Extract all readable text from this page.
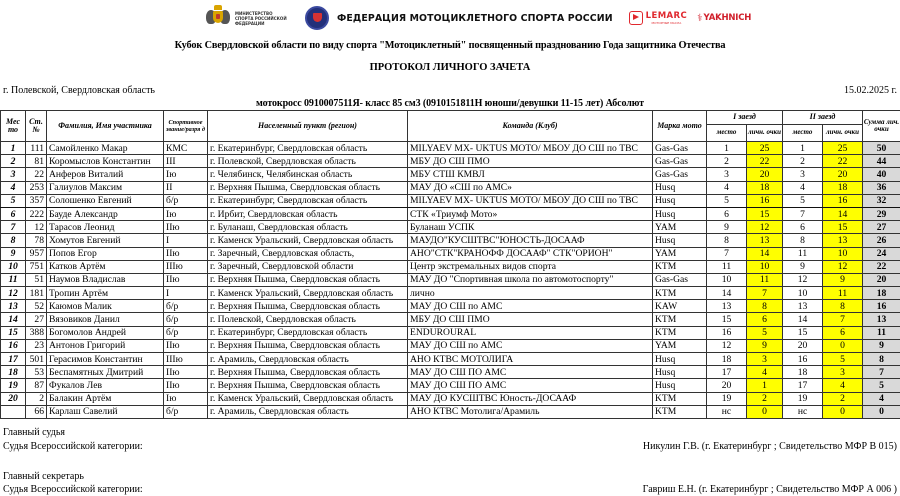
МИНИСТЕРСТВО СПОРТА РОССИЙСКОЙ ФЕДЕРАЦИИ	ФЕДЕРАЦИЯ МОТОЦИКЛЕТНОГО СПОРТА РОССИИ	LEMARC
МОТОРНЫЕ МАСЛА ⚕ YAKHNICH
Кубок Свердловской области по виду спорта "Мотоциклетный" посвященный празднованию Года защитника Отечества
ПРОТОКОЛ ЛИЧНОГО ЗАЧЕТА
г. Полевской, Свердловская область	15.02.2025 г.
мотокросс 0910007511Я- класс 85 см3 (0910151811Н юноши/девушки 11-15 лет) Абсолют
Мес то	Ст. №	Фамилия, Имя участника	Спортивное звание/разря д	Населенный пункт (регион)	Команда (Клуб)	Марка мото	I заезд		II заезд		Сумма лич. очки
							место	личн. очки	место	личн. очки	
1	111	Самойленко Макар	КМС	г. Екатеринбург, Свердловская область	MILYAEV MX- UKTUS MOTO/ МБОУ ДО СШ по ТВС	Gas-Gas	1	25	1	25	50
2	81	Коромыслов Константин	III	г. Полевской, Свердловская область	МБУ ДО СШ ПМО	Gas-Gas	2	22	2	22	44
3	22	Анферов Виталий	Iю	г. Челябинск, Челябинская область	МБУ СТШ КМВЛ	Gas-Gas	3	20	3	20	40
4	253	Галиулов Максим	II	г. Верхняя Пышма, Свердловская область	МАУ ДО «СШ по АМС»	Husq	4	18	4	18	36
5	357	Солошенко Евгений	б/р	г. Екатеринбург, Свердловская область	MILYAEV MX- UKTUS MOTO/ МБОУ ДО СШ по ТВС	Husq	5	16	5	16	32
6	222	Бауде Александр	Iю	г. Ирбит, Свердловская область	СТК «Триумф Мото»	Husq	6	15	7	14	29
7	12	Тарасов Леонид	IIю	г. Буланаш, Свердловская область	Буланаш УСПК	YAM	9	12	6	15	27
8	78	Хомутов Евгений	I	г. Каменск Уральский, Свердловская область	МАУДО"КУСШТВС"ЮНОСТЬ-ДОСААФ	Husq	8	13	8	13	26
9	957	Попов Егор	IIю	г. Заречный, Свердловская область,	АНО"СТК"КРАНОФФ ДОСААФ" СТК"ОРИОН"	YAM	7	14	11	10	24
10	751	Катков Артём	IIIю	г. Заречный, Свердловской области	Центр экстремальных видов спорта	KTM	11	10	9	12	22
11	51	Наумов Владислав	IIю	г. Верхняя Пышма, Свердловская область	МАУ ДО "Спортивная школа по автомотоспорту"	Gas-Gas	10	11	12	9	20
12	181	Тропин Артём	I	г. Каменск Уральский, Свердловская область	лично	KTM	14	7	10	11	18
13	52	Каюмов Малик	б/р	г. Верхняя Пышма, Свердловская область	МАУ ДО СШ по АМС	KAW	13	8	13	8	16
14	27	Вязовиков Данил	б/р	г. Полевской, Свердловская область	МБУ ДО СШ ПМО	KTM	15	6	14	7	13
15	388	Богомолов Андрей	б/р	г. Екатеринбург, Свердловская область	ENDUROURAL	KTM	16	5	15	6	11
16	23	Антонов Григорий	IIю	г. Верхняя Пышма, Свердловская область	МАУ ДО СШ по АМС	YAM	12	9	20	0	9
17	501	Герасимов Константин	IIIю	г. Арамиль, Свердловская область	АНО КТВС МОТОЛИГА	Husq	18	3	16	5	8
18	53	Беспамятных Дмитрий	IIю	г. Верхняя Пышма, Свердловская область	МАУ ДО СШ ПО АМС	Husq	17	4	18	3	7
19	87	Фукалов Лев	IIю	г. Верхняя Пышма, Свердловская область	МАУ ДО СШ ПО АМС	Husq	20	1	17	4	5
20	2	Балакин Артём	Iю	г. Каменск Уральский, Свердловская область	МАУ ДО КУСШТВС Юность-ДОСААФ	KTM	19	2	19	2	4
	66	Карлаш Савелий	б/р	г. Арамиль, Свердловская область	АНО КТВС Мотолига/Арамиль	KTM	нс	0	нс	0	0
Главный судья
Судья Всероссийской категории:	Никулин Г.В. (г. Екатеринбург ; Свидетельство МФР В 015)
Главный секретарь
Судья Всероссийской категории:	Гавриш Е.Н. (г. Екатеринбург ; Свидетельство МФР А 006 )
